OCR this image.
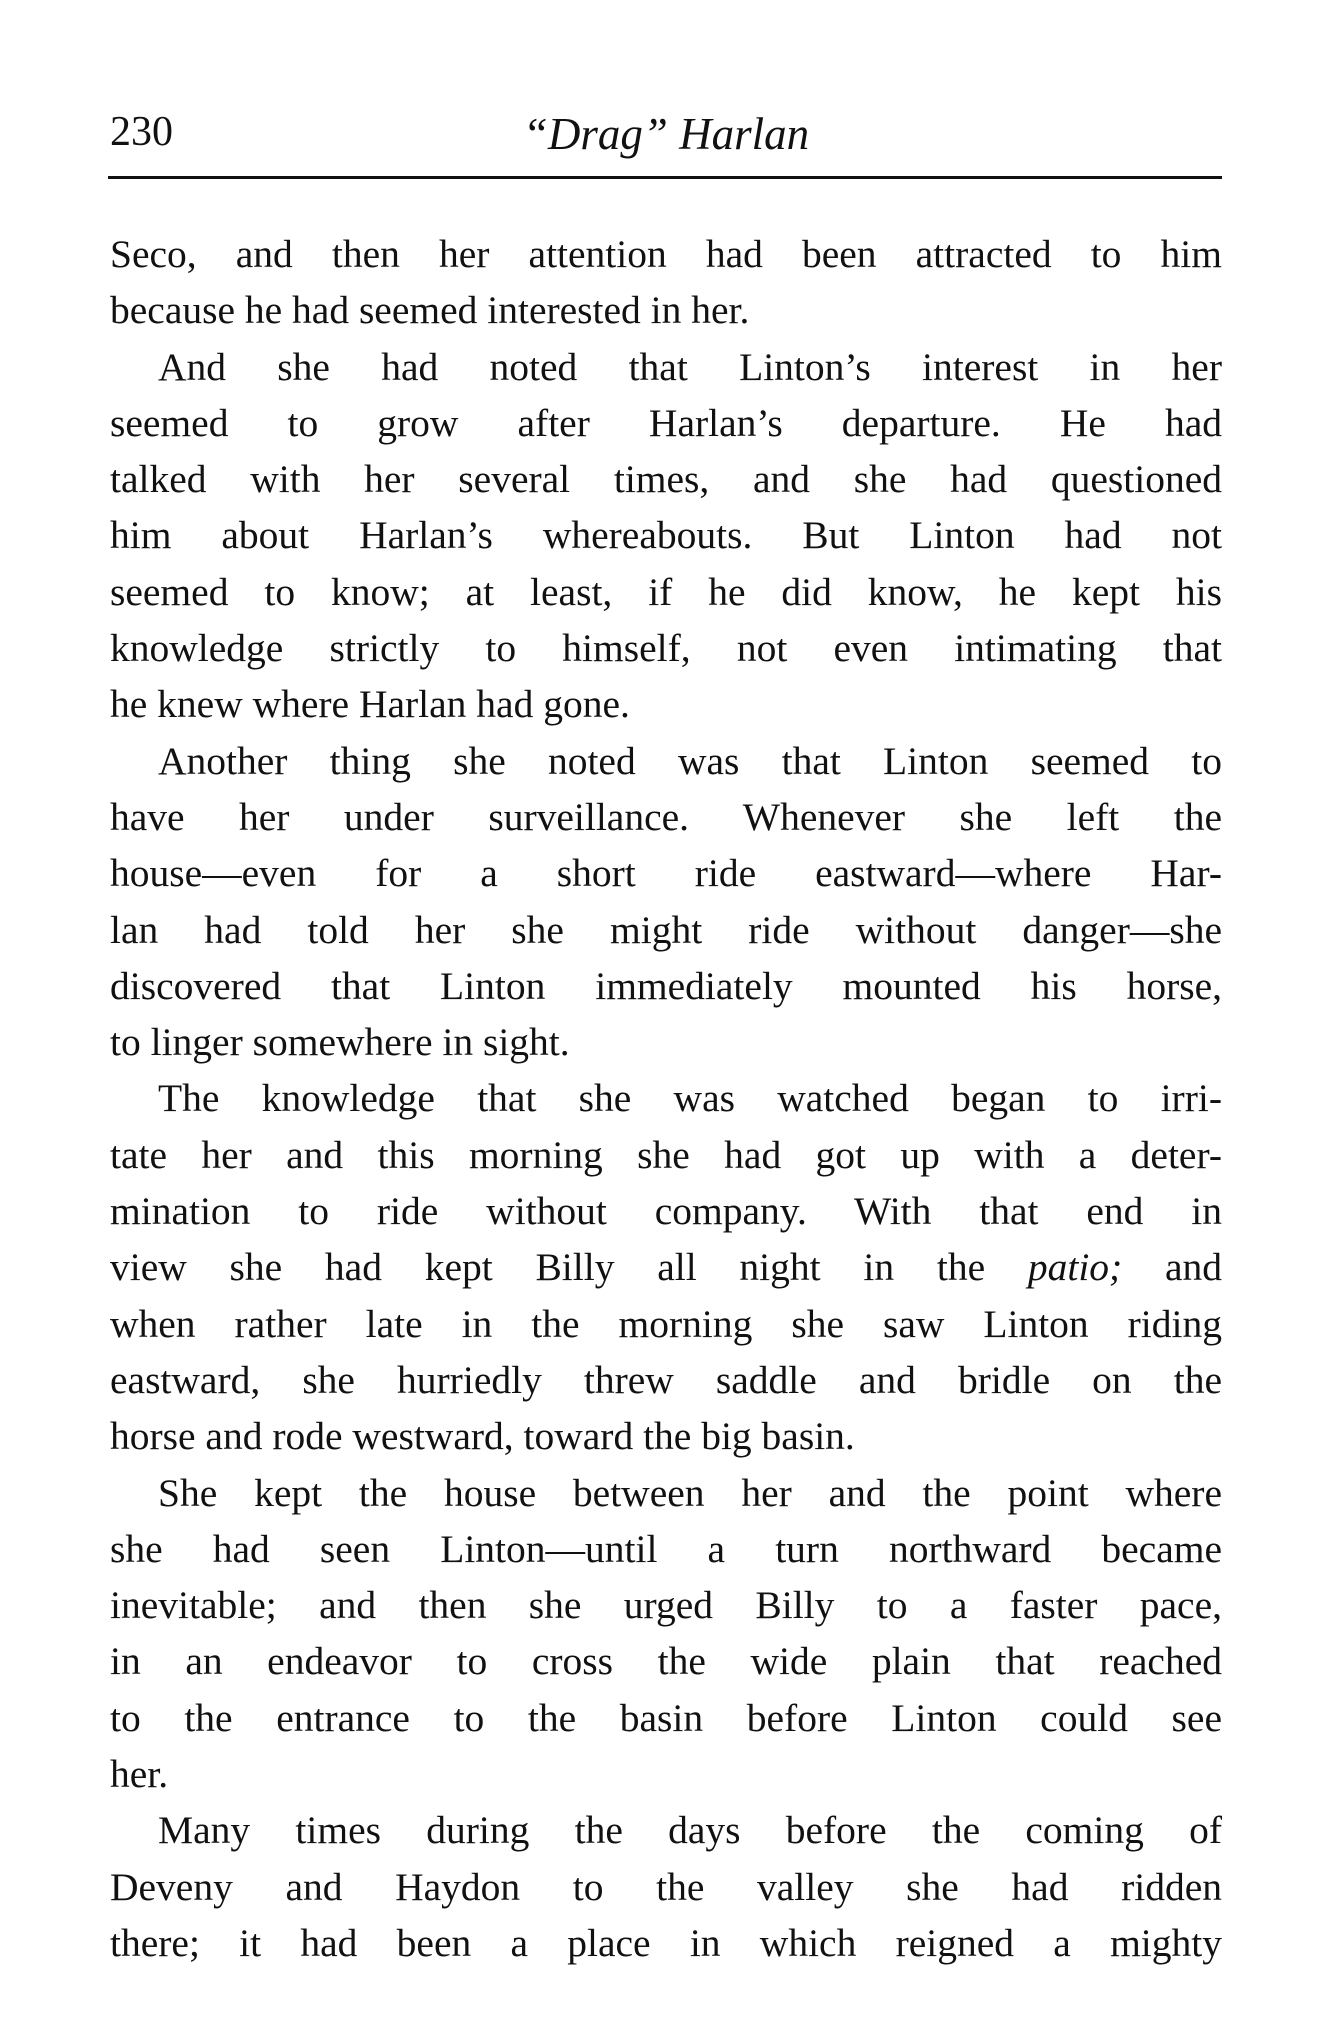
230	“Drag” Harlan
Seco, and then her attention had been attracted to him
because he had seemed interested in her.
And she had noted that Linton’s interest in her
seemed to grow after Harlan’s departure. He had
talked with her several times, and she had questioned
him about Harlan’s whereabouts. But Linton had not
seemed to know; at least, if he did know, he kept his
knowledge strictly to himself, not even intimating that
he knew where Harlan had gone.
Another thing she noted was that Linton seemed to
have her under surveillance. Whenever she left the
house—even for a short ride eastward—where Har-
lan had told her she might ride without danger—she
discovered that Linton immediately mounted his horse,
to linger somewhere in sight.
The knowledge that she was watched began to irri-
tate her and this morning she had got up with a deter-
mination to ride without company. With that end in
view she had kept Billy all night in the patio; and
when rather late in the morning she saw Linton riding
eastward, she hurriedly threw saddle and bridle on the
horse and rode westward, toward the big basin.
She kept the house between her and the point where
she had seen Linton—until a turn northward became
inevitable; and then she urged Billy to a faster pace,
in an endeavor to cross the wide plain that reached
to the entrance to the basin before Linton could see
her.
Many times during the days before the coming of
Deveny and Haydon to the valley she had ridden
there; it had been a place in which reigned a mighty
